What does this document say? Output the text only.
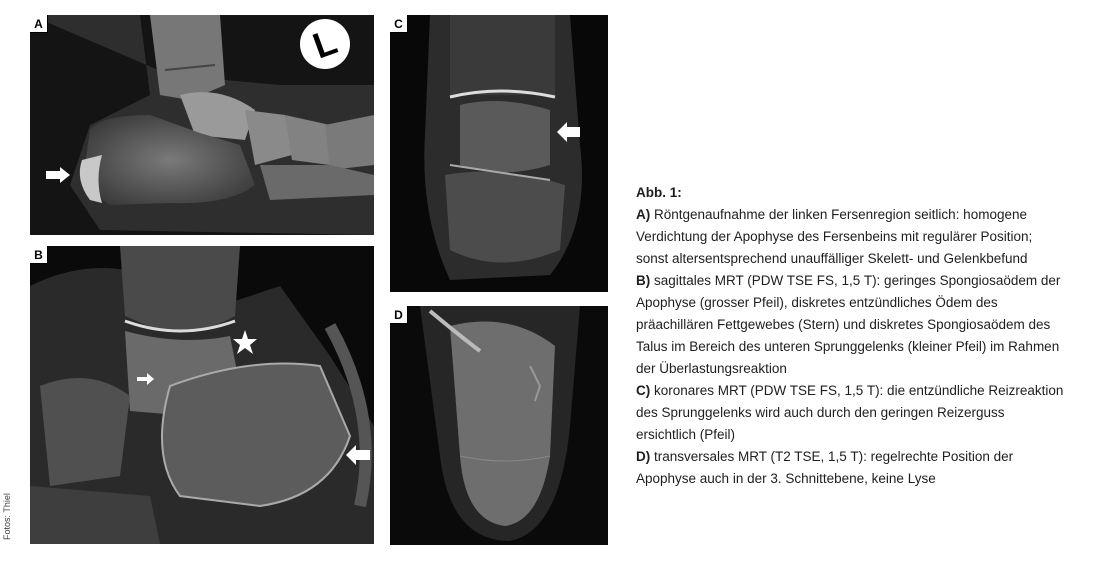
A	L
B
C
D
Fotos: Thiel

Abb. 1:

A) Röntgenaufnahme der linken Fersenregion seitlich: homogene Verdichtung der Apophyse des Fersenbeins mit regulärer Position; sonst altersentsprechend unauffälliger Skelett- und Gelenkbefund

B) sagittales MRT (PDW TSE FS, 1,5 T): geringes Spongiosaödem der Apophyse (grosser Pfeil), diskretes entzündliches Ödem des präachillären Fettgewebes (Stern) und diskretes Spongiosaödem des Talus im Bereich des unteren Sprunggelenks (kleiner Pfeil) im Rahmen der Überlastungsreaktion

C) koronares MRT (PDW TSE FS, 1,5 T): die entzündliche Reizreaktion des Sprunggelenks wird auch durch den geringen Reizerguss ersichtlich (Pfeil)

D) transversales MRT (T2 TSE, 1,5 T): regelrechte Position der Apophyse auch in der 3. Schnittebene, keine Lyse
